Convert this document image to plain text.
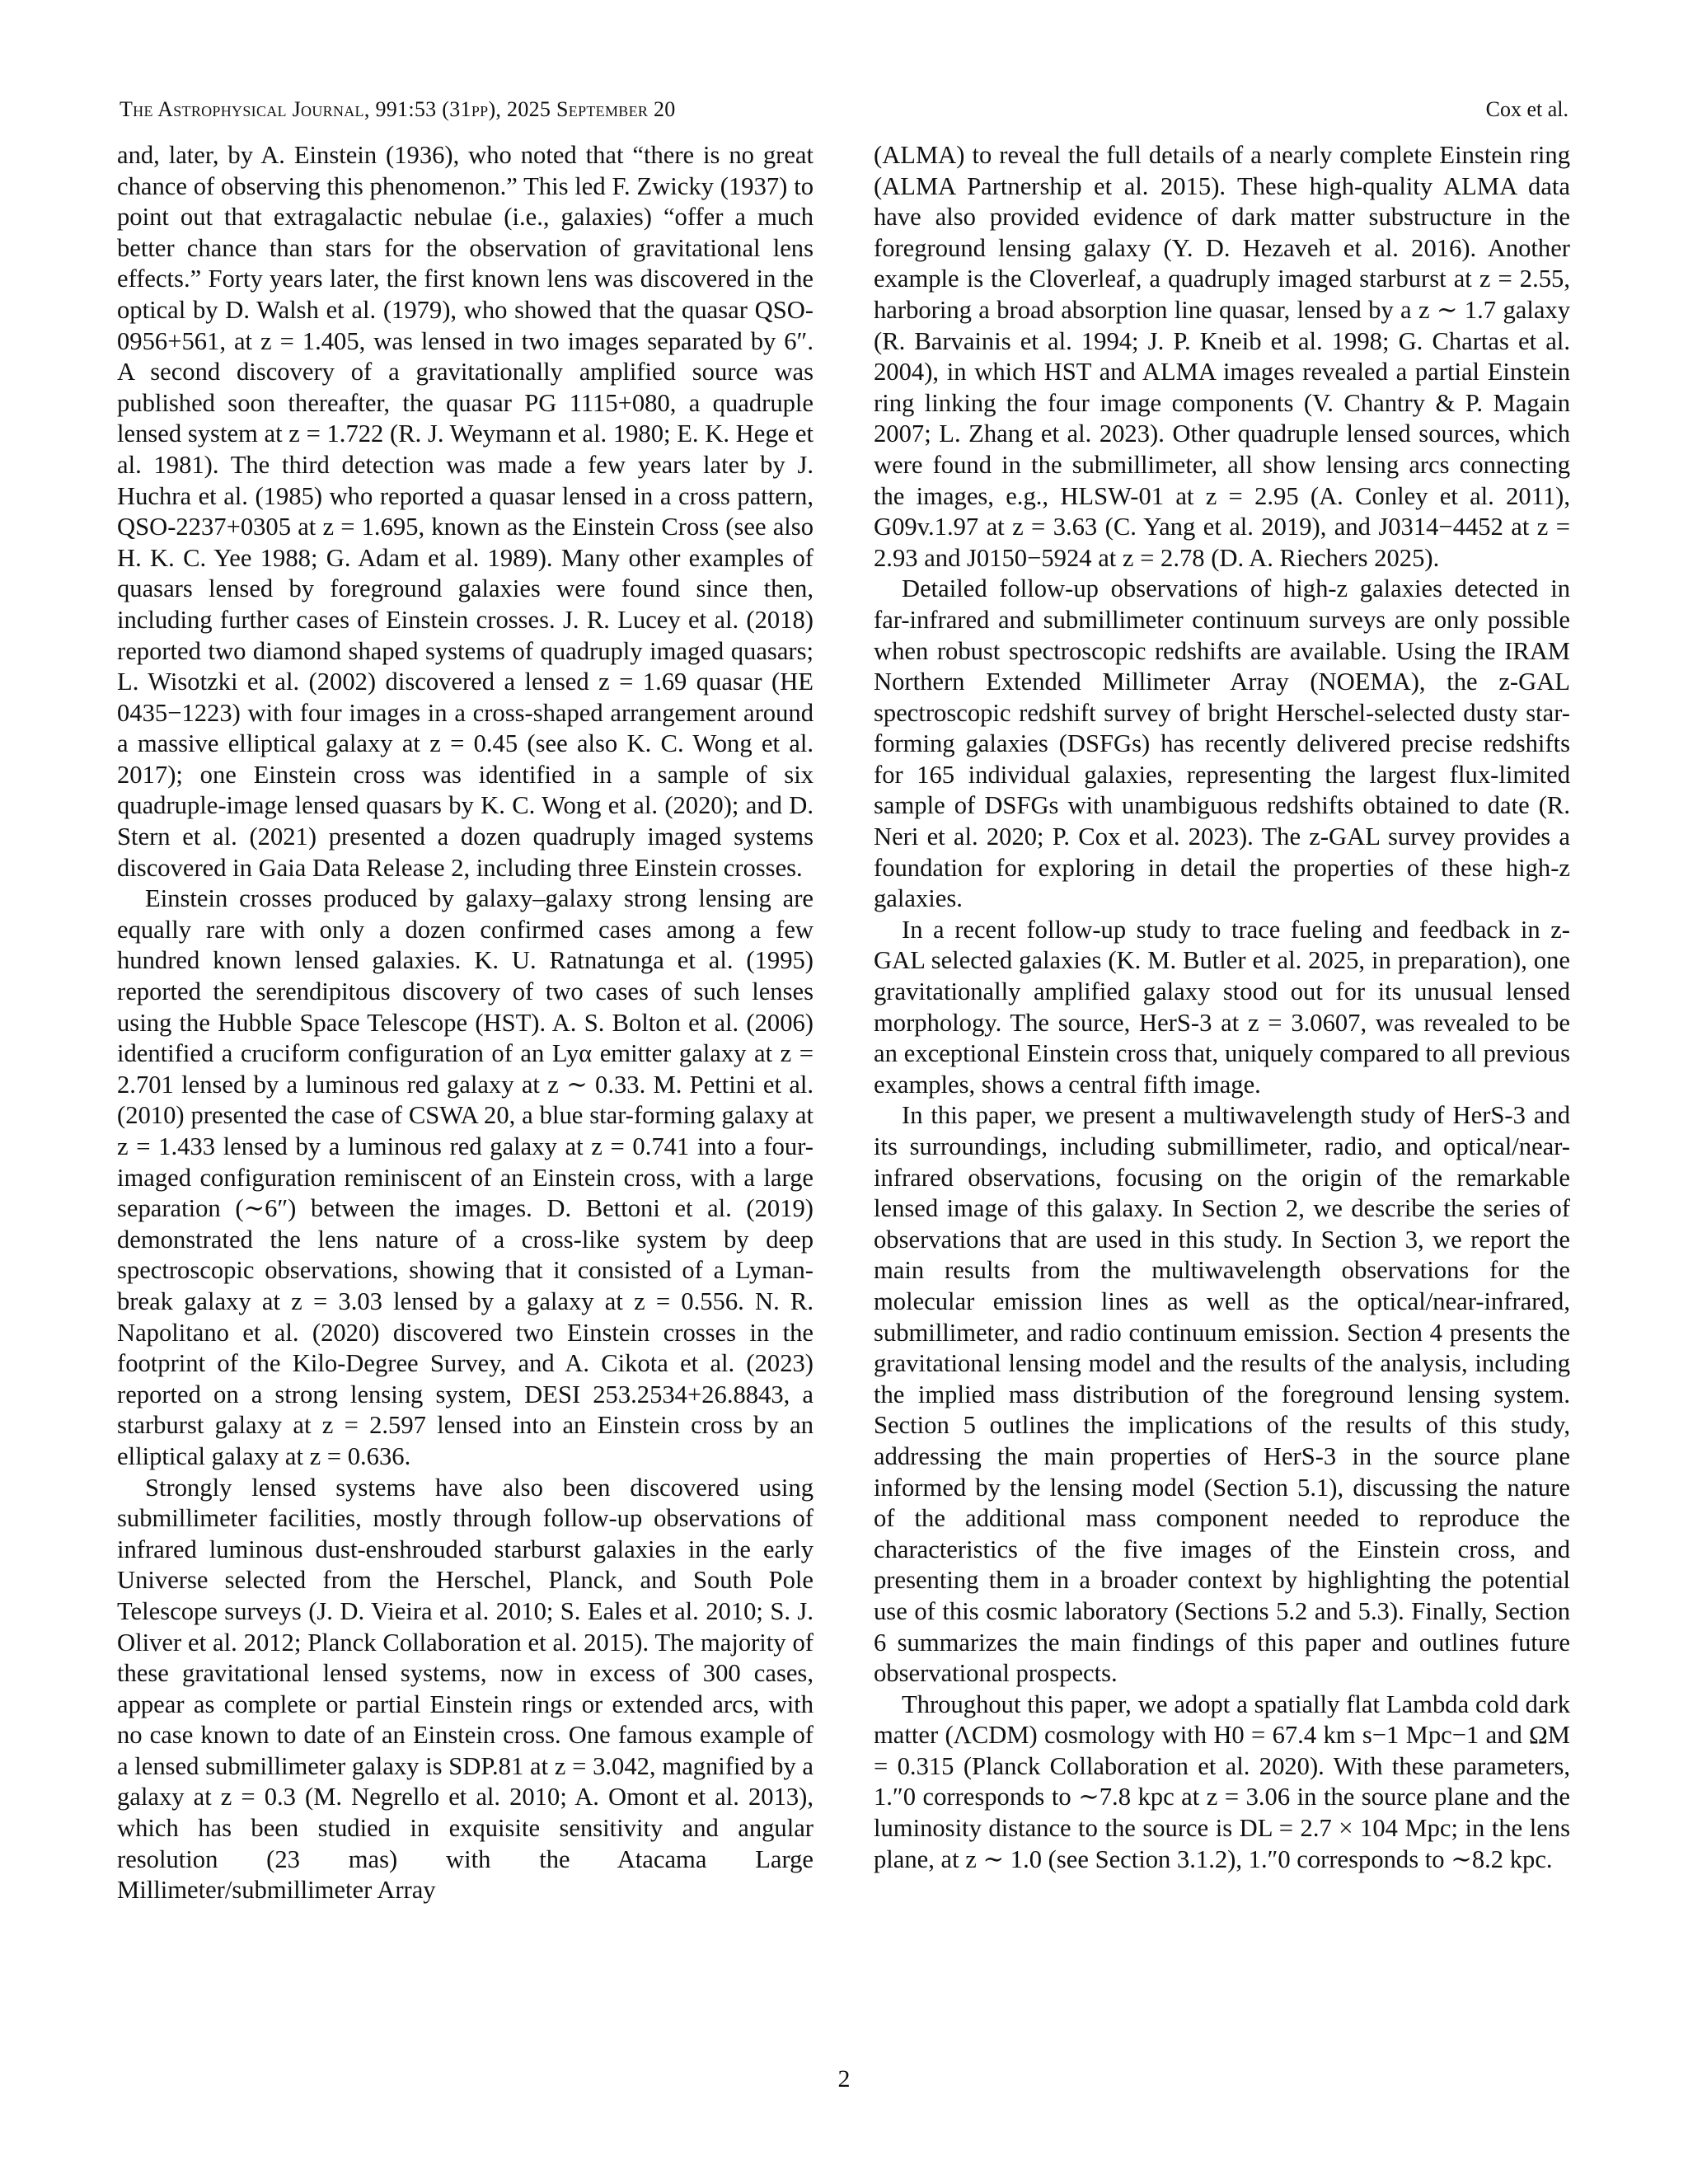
The Astrophysical Journal, 991:53 (31pp), 2025 September 20	Cox et al.

and, later, by A. Einstein (1936), who noted that “there is no great chance of observing this phenomenon.” This led F. Zwicky (1937) to point out that extragalactic nebulae (i.e., galaxies) “offer a much better chance than stars for the observation of gravitational lens effects.” Forty years later, the first known lens was discovered in the optical by D. Walsh et al. (1979), who showed that the quasar QSO-0956+561, at z = 1.405, was lensed in two images separated by 6″. A second discovery of a gravitationally amplified source was published soon thereafter, the quasar PG 1115+080, a quadruple lensed system at z = 1.722 (R. J. Weymann et al. 1980; E. K. Hege et al. 1981). The third detection was made a few years later by J. Huchra et al. (1985) who reported a quasar lensed in a cross pattern, QSO-2237+0305 at z = 1.695, known as the Einstein Cross (see also H. K. C. Yee 1988; G. Adam et al. 1989). Many other examples of quasars lensed by foreground galaxies were found since then, including further cases of Einstein crosses. J. R. Lucey et al. (2018) reported two diamond shaped systems of quadruply imaged quasars; L. Wisotzki et al. (2002) discovered a lensed z = 1.69 quasar (HE 0435−1223) with four images in a cross-shaped arrangement around a massive elliptical galaxy at z = 0.45 (see also K. C. Wong et al. 2017); one Einstein cross was identified in a sample of six quadruple-image lensed quasars by K. C. Wong et al. (2020); and D. Stern et al. (2021) presented a dozen quadruply imaged systems discovered in Gaia Data Release 2, including three Einstein crosses.

Einstein crosses produced by galaxy–galaxy strong lensing are equally rare with only a dozen confirmed cases among a few hundred known lensed galaxies. K. U. Ratnatunga et al. (1995) reported the serendipitous discovery of two cases of such lenses using the Hubble Space Telescope (HST). A. S. Bolton et al. (2006) identified a cruciform configuration of an Lyα emitter galaxy at z = 2.701 lensed by a luminous red galaxy at z ∼ 0.33. M. Pettini et al. (2010) presented the case of CSWA 20, a blue star-forming galaxy at z = 1.433 lensed by a luminous red galaxy at z = 0.741 into a four-imaged configuration reminiscent of an Einstein cross, with a large separation (∼6″) between the images. D. Bettoni et al. (2019) demonstrated the lens nature of a cross-like system by deep spectroscopic observations, showing that it consisted of a Lyman-break galaxy at z = 3.03 lensed by a galaxy at z = 0.556. N. R. Napolitano et al. (2020) discovered two Einstein crosses in the footprint of the Kilo-Degree Survey, and A. Cikota et al. (2023) reported on a strong lensing system, DESI 253.2534+26.8843, a starburst galaxy at z = 2.597 lensed into an Einstein cross by an elliptical galaxy at z = 0.636.

Strongly lensed systems have also been discovered using submillimeter facilities, mostly through follow-up observations of infrared luminous dust-enshrouded starburst galaxies in the early Universe selected from the Herschel, Planck, and South Pole Telescope surveys (J. D. Vieira et al. 2010; S. Eales et al. 2010; S. J. Oliver et al. 2012; Planck Collaboration et al. 2015). The majority of these gravitational lensed systems, now in excess of 300 cases, appear as complete or partial Einstein rings or extended arcs, with no case known to date of an Einstein cross. One famous example of a lensed submillimeter galaxy is SDP.81 at z = 3.042, magnified by a galaxy at z = 0.3 (M. Negrello et al. 2010; A. Omont et al. 2013), which has been studied in exquisite sensitivity and angular resolution (23 mas) with the Atacama Large Millimeter/submillimeter Array

(ALMA) to reveal the full details of a nearly complete Einstein ring (ALMA Partnership et al. 2015). These high-quality ALMA data have also provided evidence of dark matter substructure in the foreground lensing galaxy (Y. D. Hezaveh et al. 2016). Another example is the Cloverleaf, a quadruply imaged starburst at z = 2.55, harboring a broad absorption line quasar, lensed by a z ∼ 1.7 galaxy (R. Barvainis et al. 1994; J. P. Kneib et al. 1998; G. Chartas et al. 2004), in which HST and ALMA images revealed a partial Einstein ring linking the four image components (V. Chantry & P. Magain 2007; L. Zhang et al. 2023). Other quadruple lensed sources, which were found in the submillimeter, all show lensing arcs connecting the images, e.g., HLSW-01 at z = 2.95 (A. Conley et al. 2011), G09v.1.97 at z = 3.63 (C. Yang et al. 2019), and J0314−4452 at z = 2.93 and J0150−5924 at z = 2.78 (D. A. Riechers 2025).

Detailed follow-up observations of high-z galaxies detected in far-infrared and submillimeter continuum surveys are only possible when robust spectroscopic redshifts are available. Using the IRAM Northern Extended Millimeter Array (NOEMA), the z-GAL spectroscopic redshift survey of bright Herschel-selected dusty star-forming galaxies (DSFGs) has recently delivered precise redshifts for 165 individual galaxies, representing the largest flux-limited sample of DSFGs with unambiguous redshifts obtained to date (R. Neri et al. 2020; P. Cox et al. 2023). The z-GAL survey provides a foundation for exploring in detail the properties of these high-z galaxies.

In a recent follow-up study to trace fueling and feedback in z-GAL selected galaxies (K. M. Butler et al. 2025, in preparation), one gravitationally amplified galaxy stood out for its unusual lensed morphology. The source, HerS-3 at z = 3.0607, was revealed to be an exceptional Einstein cross that, uniquely compared to all previous examples, shows a central fifth image.

In this paper, we present a multiwavelength study of HerS-3 and its surroundings, including submillimeter, radio, and optical/near-infrared observations, focusing on the origin of the remarkable lensed image of this galaxy. In Section 2, we describe the series of observations that are used in this study. In Section 3, we report the main results from the multiwavelength observations for the molecular emission lines as well as the optical/near-infrared, submillimeter, and radio continuum emission. Section 4 presents the gravitational lensing model and the results of the analysis, including the implied mass distribution of the foreground lensing system. Section 5 outlines the implications of the results of this study, addressing the main properties of HerS-3 in the source plane informed by the lensing model (Section 5.1), discussing the nature of the additional mass component needed to reproduce the characteristics of the five images of the Einstein cross, and presenting them in a broader context by highlighting the potential use of this cosmic laboratory (Sections 5.2 and 5.3). Finally, Section 6 summarizes the main findings of this paper and outlines future observational prospects.

Throughout this paper, we adopt a spatially flat Lambda cold dark matter (ΛCDM) cosmology with H0 = 67.4 km s−1 Mpc−1 and ΩM = 0.315 (Planck Collaboration et al. 2020). With these parameters, 1.″0 corresponds to ∼7.8 kpc at z = 3.06 in the source plane and the luminosity distance to the source is DL = 2.7 × 104 Mpc; in the lens plane, at z ∼ 1.0 (see Section 3.1.2), 1.″0 corresponds to ∼8.2 kpc.

2
